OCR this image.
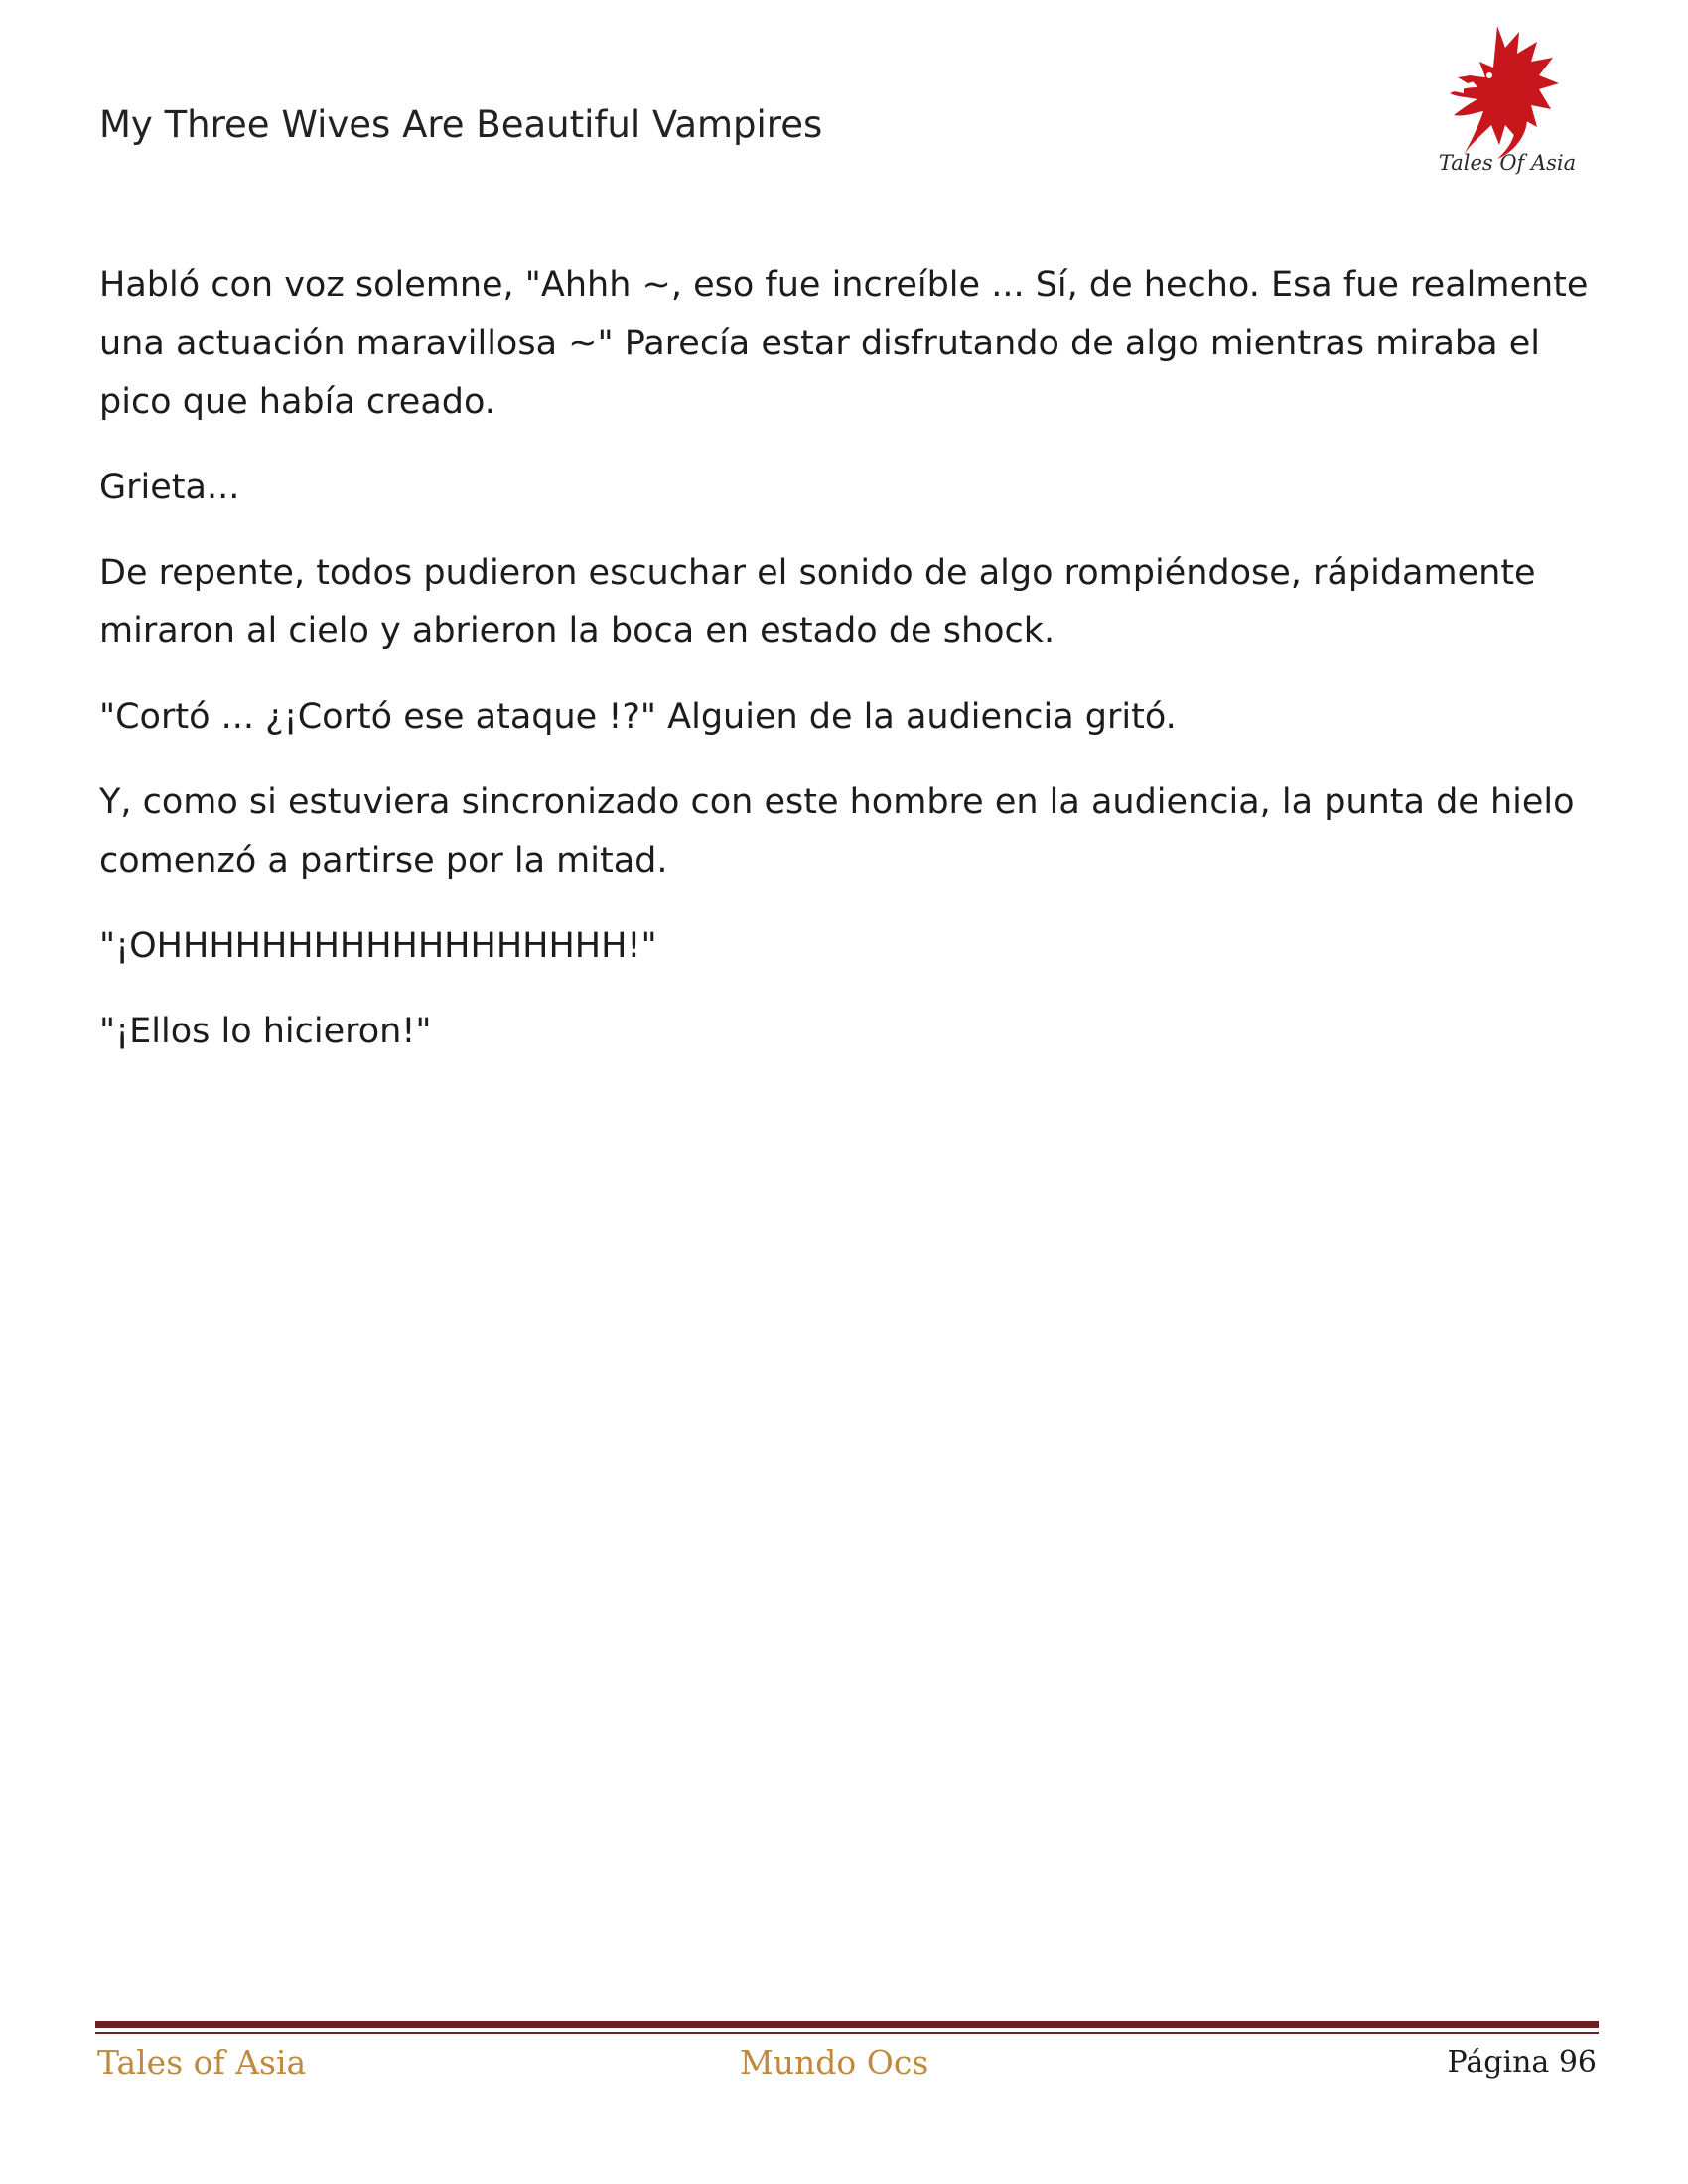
My Three Wives Are Beautiful Vampires
Tales Of Asia

Habló con voz solemne, "Ahhh ~, eso fue increíble ... Sí, de hecho. Esa fue realmente una actuación maravillosa ~" Parecía estar disfrutando de algo mientras miraba el pico que había creado.

Grieta...

De repente, todos pudieron escuchar el sonido de algo rompiéndose, rápidamente miraron al cielo y abrieron la boca en estado de shock.

"Cortó ... ¿¡Cortó ese ataque !?" Alguien de la audiencia gritó.

Y, como si estuviera sincronizado con este hombre en la audiencia, la punta de hielo comenzó a partirse por la mitad.

"¡OHHHHHHHHHHHHHHHHHH!"

"¡Ellos lo hicieron!"

Tales of Asia	Mundo Ocs	Página 96
